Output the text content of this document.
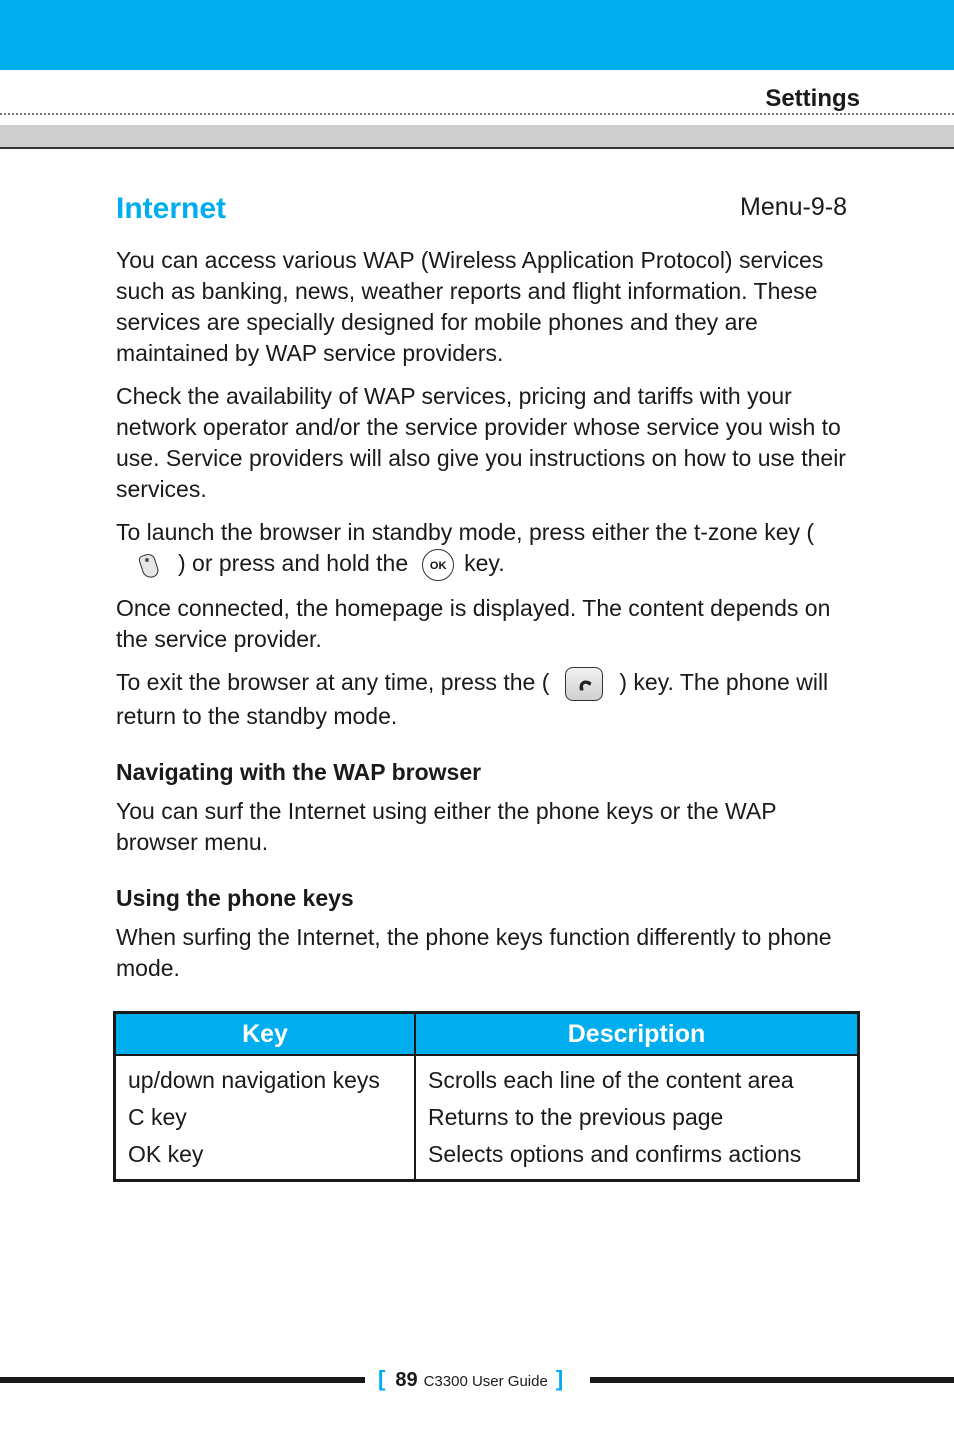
Settings
Internet	Menu-9-8

You can access various WAP (Wireless Application Protocol) services such as banking, news, weather reports and flight information. These services are specially designed for mobile phones and they are maintained by WAP service providers.

Check the availability of WAP services, pricing and tariffs with your network operator and/or the service provider whose service you wish to use. Service providers will also give you instructions on how to use their services.

To launch the browser in standby mode, press either the t-zone key () or press and hold the OK key.

Once connected, the homepage is displayed. The content depends on the service provider.

To exit the browser at any time, press the (	) key. The phone will return to the standby mode.

Navigating with the WAP browser

You can surf the Internet using either the phone keys or the WAP browser menu.

Using the phone keys

When surfing the Internet, the phone keys function differently to phone mode.

Key	Description
up/down navigation keys	Scrolls each line of the content area
C key	Returns to the previous page
OK key	Selects options and confirms actions
[ 89 C3300 User Guide ]
